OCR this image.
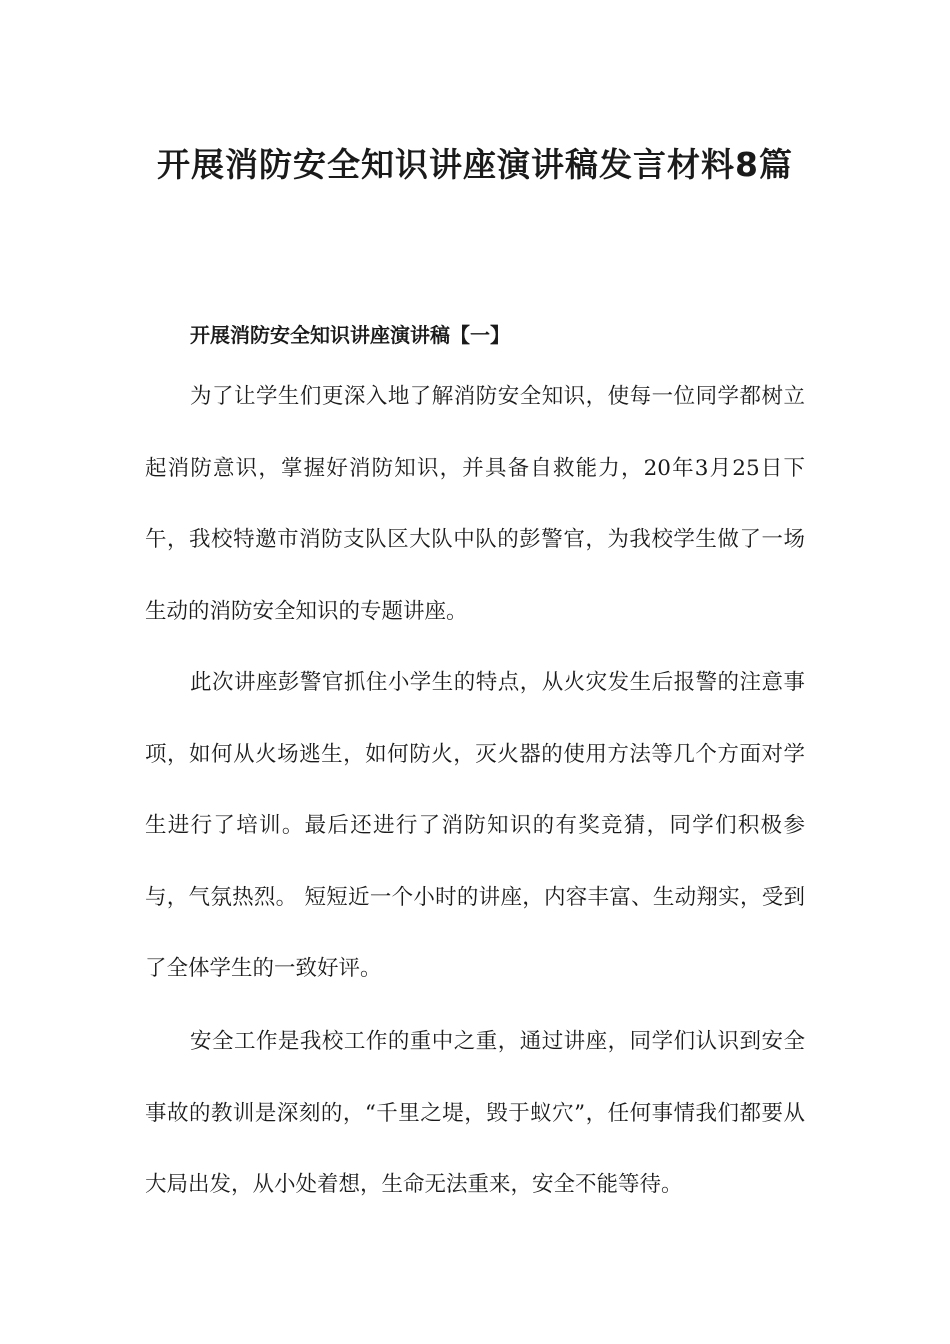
开展消防安全知识讲座演讲稿发言材料8篇
开展消防安全知识讲座演讲稿【一】

为了让学生们更深入地了解消防安全知识，使每一位同学都树立起消防意识，掌握好消防知识，并具备自救能力，20年3月25日下午，我校特邀市消防支队区大队中队的彭警官，为我校学生做了一场生动的消防安全知识的专题讲座。

此次讲座彭警官抓住小学生的特点，从火灾发生后报警的注意事项，如何从火场逃生，如何防火，灭火器的使用方法等几个方面对学生进行了培训。最后还进行了消防知识的有奖竞猜，同学们积极参与，气氛热烈。 短短近一个小时的讲座，内容丰富、生动翔实，受到了全体学生的一致好评。

安全工作是我校工作的重中之重，通过讲座，同学们认识到安全事故的教训是深刻的，“千里之堤，毁于蚁穴”，任何事情我们都要从大局出发，从小处着想，生命无法重来，安全不能等待。
